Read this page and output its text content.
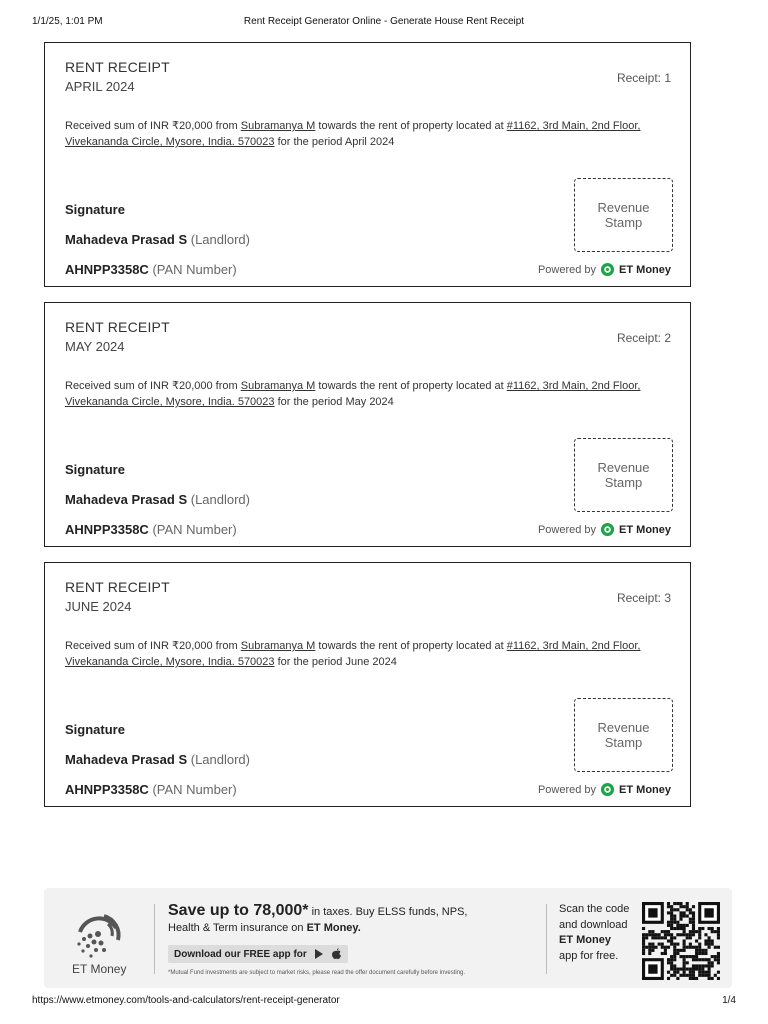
1/1/25, 1:01 PM	Rent Receipt Generator Online - Generate House Rent Receipt
RENT RECEIPT
APRIL 2024
Receipt: 1
Received sum of INR ₹20,000 from Subramanya M towards the rent of property located at #1162, 3rd Main, 2nd Floor, Vivekananda Circle, Mysore, India. 570023 for the period April 2024
Signature
Mahadeva Prasad S (Landlord)
AHNPP3358C (PAN Number)
Revenue Stamp
Powered by ET Money
RENT RECEIPT
MAY 2024
Receipt: 2
Received sum of INR ₹20,000 from Subramanya M towards the rent of property located at #1162, 3rd Main, 2nd Floor, Vivekananda Circle, Mysore, India. 570023 for the period May 2024
Signature
Mahadeva Prasad S (Landlord)
AHNPP3358C (PAN Number)
Revenue Stamp
Powered by ET Money
RENT RECEIPT
JUNE 2024
Receipt: 3
Received sum of INR ₹20,000 from Subramanya M towards the rent of property located at #1162, 3rd Main, 2nd Floor, Vivekananda Circle, Mysore, India. 570023 for the period June 2024
Signature
Mahadeva Prasad S (Landlord)
AHNPP3358C (PAN Number)
Revenue Stamp
Powered by ET Money
ET Money
Save up to 78,000* in taxes. Buy ELSS funds, NPS,
Health & Term insurance on ET Money.
Download our FREE app for
*Mutual Fund investments are subject to market risks, please read the offer document carefully before investing.
Scan the code and download
ET Money
app for free.
https://www.etmoney.com/tools-and-calculators/rent-receipt-generator	1/4
